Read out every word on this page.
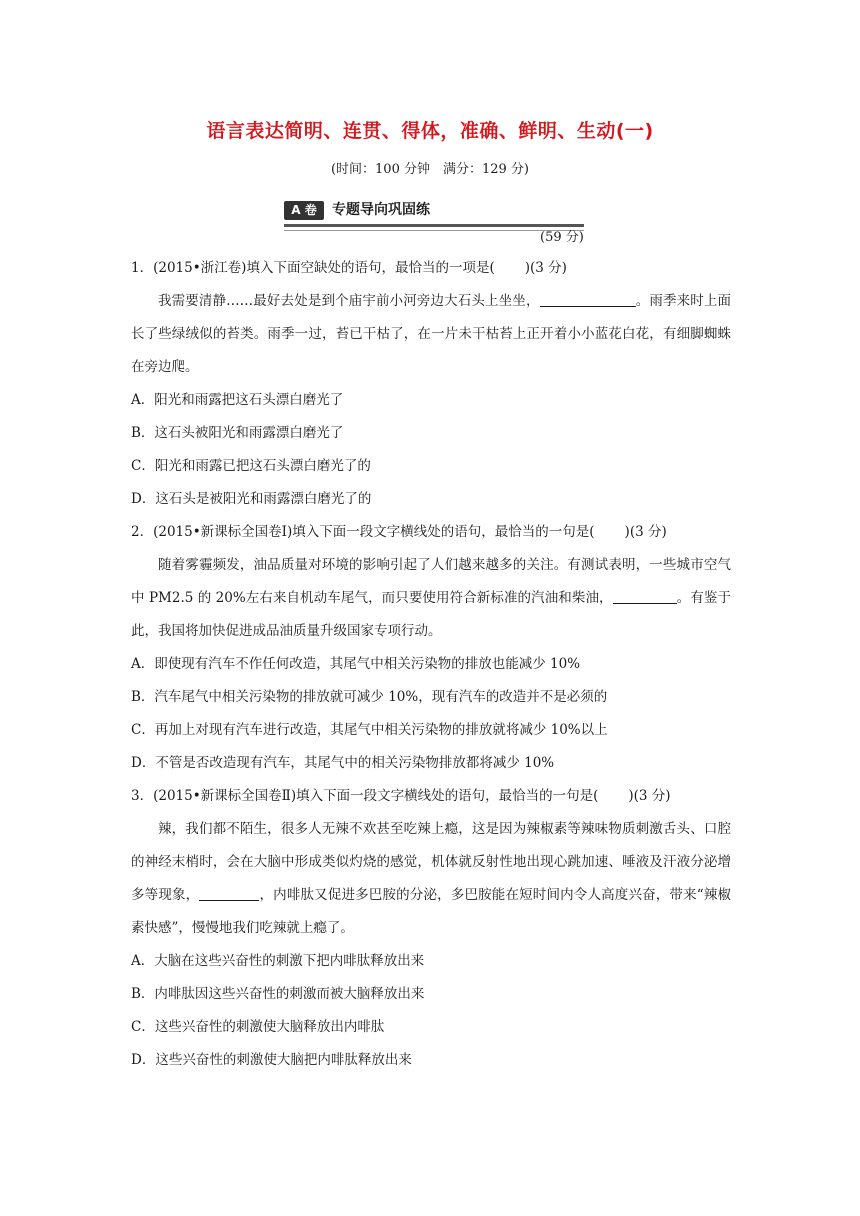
语言表达简明、连贯、得体，准确、鲜明、生动(一)
(时间：100 分钟　满分：129 分)
A 卷	专题导向巩固练
(59 分)

1．(2015•浙江卷)填入下面空缺处的语句，最恰当的一项是( )(3 分)

我需要清静……最好去处是到个庙宇前小河旁边大石头上坐坐，	。雨季来时上面长了些绿绒似的苔类。雨季一过，苔已干枯了，在一片未干枯苔上正开着小小蓝花白花，有细脚蜘蛛在旁边爬。

A．阳光和雨露把这石头漂白磨光了

B．这石头被阳光和雨露漂白磨光了

C．阳光和雨露已把这石头漂白磨光了的

D．这石头是被阳光和雨露漂白磨光了的

2．(2015•新课标全国卷Ⅰ)填入下面一段文字横线处的语句，最恰当的一句是( )(3 分)

随着雾霾频发，油品质量对环境的影响引起了人们越来越多的关注。有测试表明，一些城市空气中 PM2.5 的 20%左右来自机动车尾气，而只要使用符合新标准的汽油和柴油，	。有鉴于此，我国将加快促进成品油质量升级国家专项行动。

A．即使现有汽车不作任何改造，其尾气中相关污染物的排放也能减少 10%

B．汽车尾气中相关污染物的排放就可减少 10%，现有汽车的改造并不是必须的

C．再加上对现有汽车进行改造，其尾气中相关污染物的排放就将减少 10%以上

D．不管是否改造现有汽车，其尾气中的相关污染物排放都将减少 10%

3．(2015•新课标全国卷Ⅱ)填入下面一段文字横线处的语句，最恰当的一句是( )(3 分)

辣，我们都不陌生，很多人无辣不欢甚至吃辣上瘾，这是因为辣椒素等辣味物质刺激舌头、口腔的神经末梢时，会在大脑中形成类似灼烧的感觉，机体就反射性地出现心跳加速、唾液及汗液分泌增多等现象，	，内啡肽又促进多巴胺的分泌，多巴胺能在短时间内令人高度兴奋，带来“辣椒素快感”，慢慢地我们吃辣就上瘾了。

A．大脑在这些兴奋性的刺激下把内啡肽释放出来

B．内啡肽因这些兴奋性的刺激而被大脑释放出来

C．这些兴奋性的刺激使大脑释放出内啡肽

D．这些兴奋性的刺激使大脑把内啡肽释放出来
